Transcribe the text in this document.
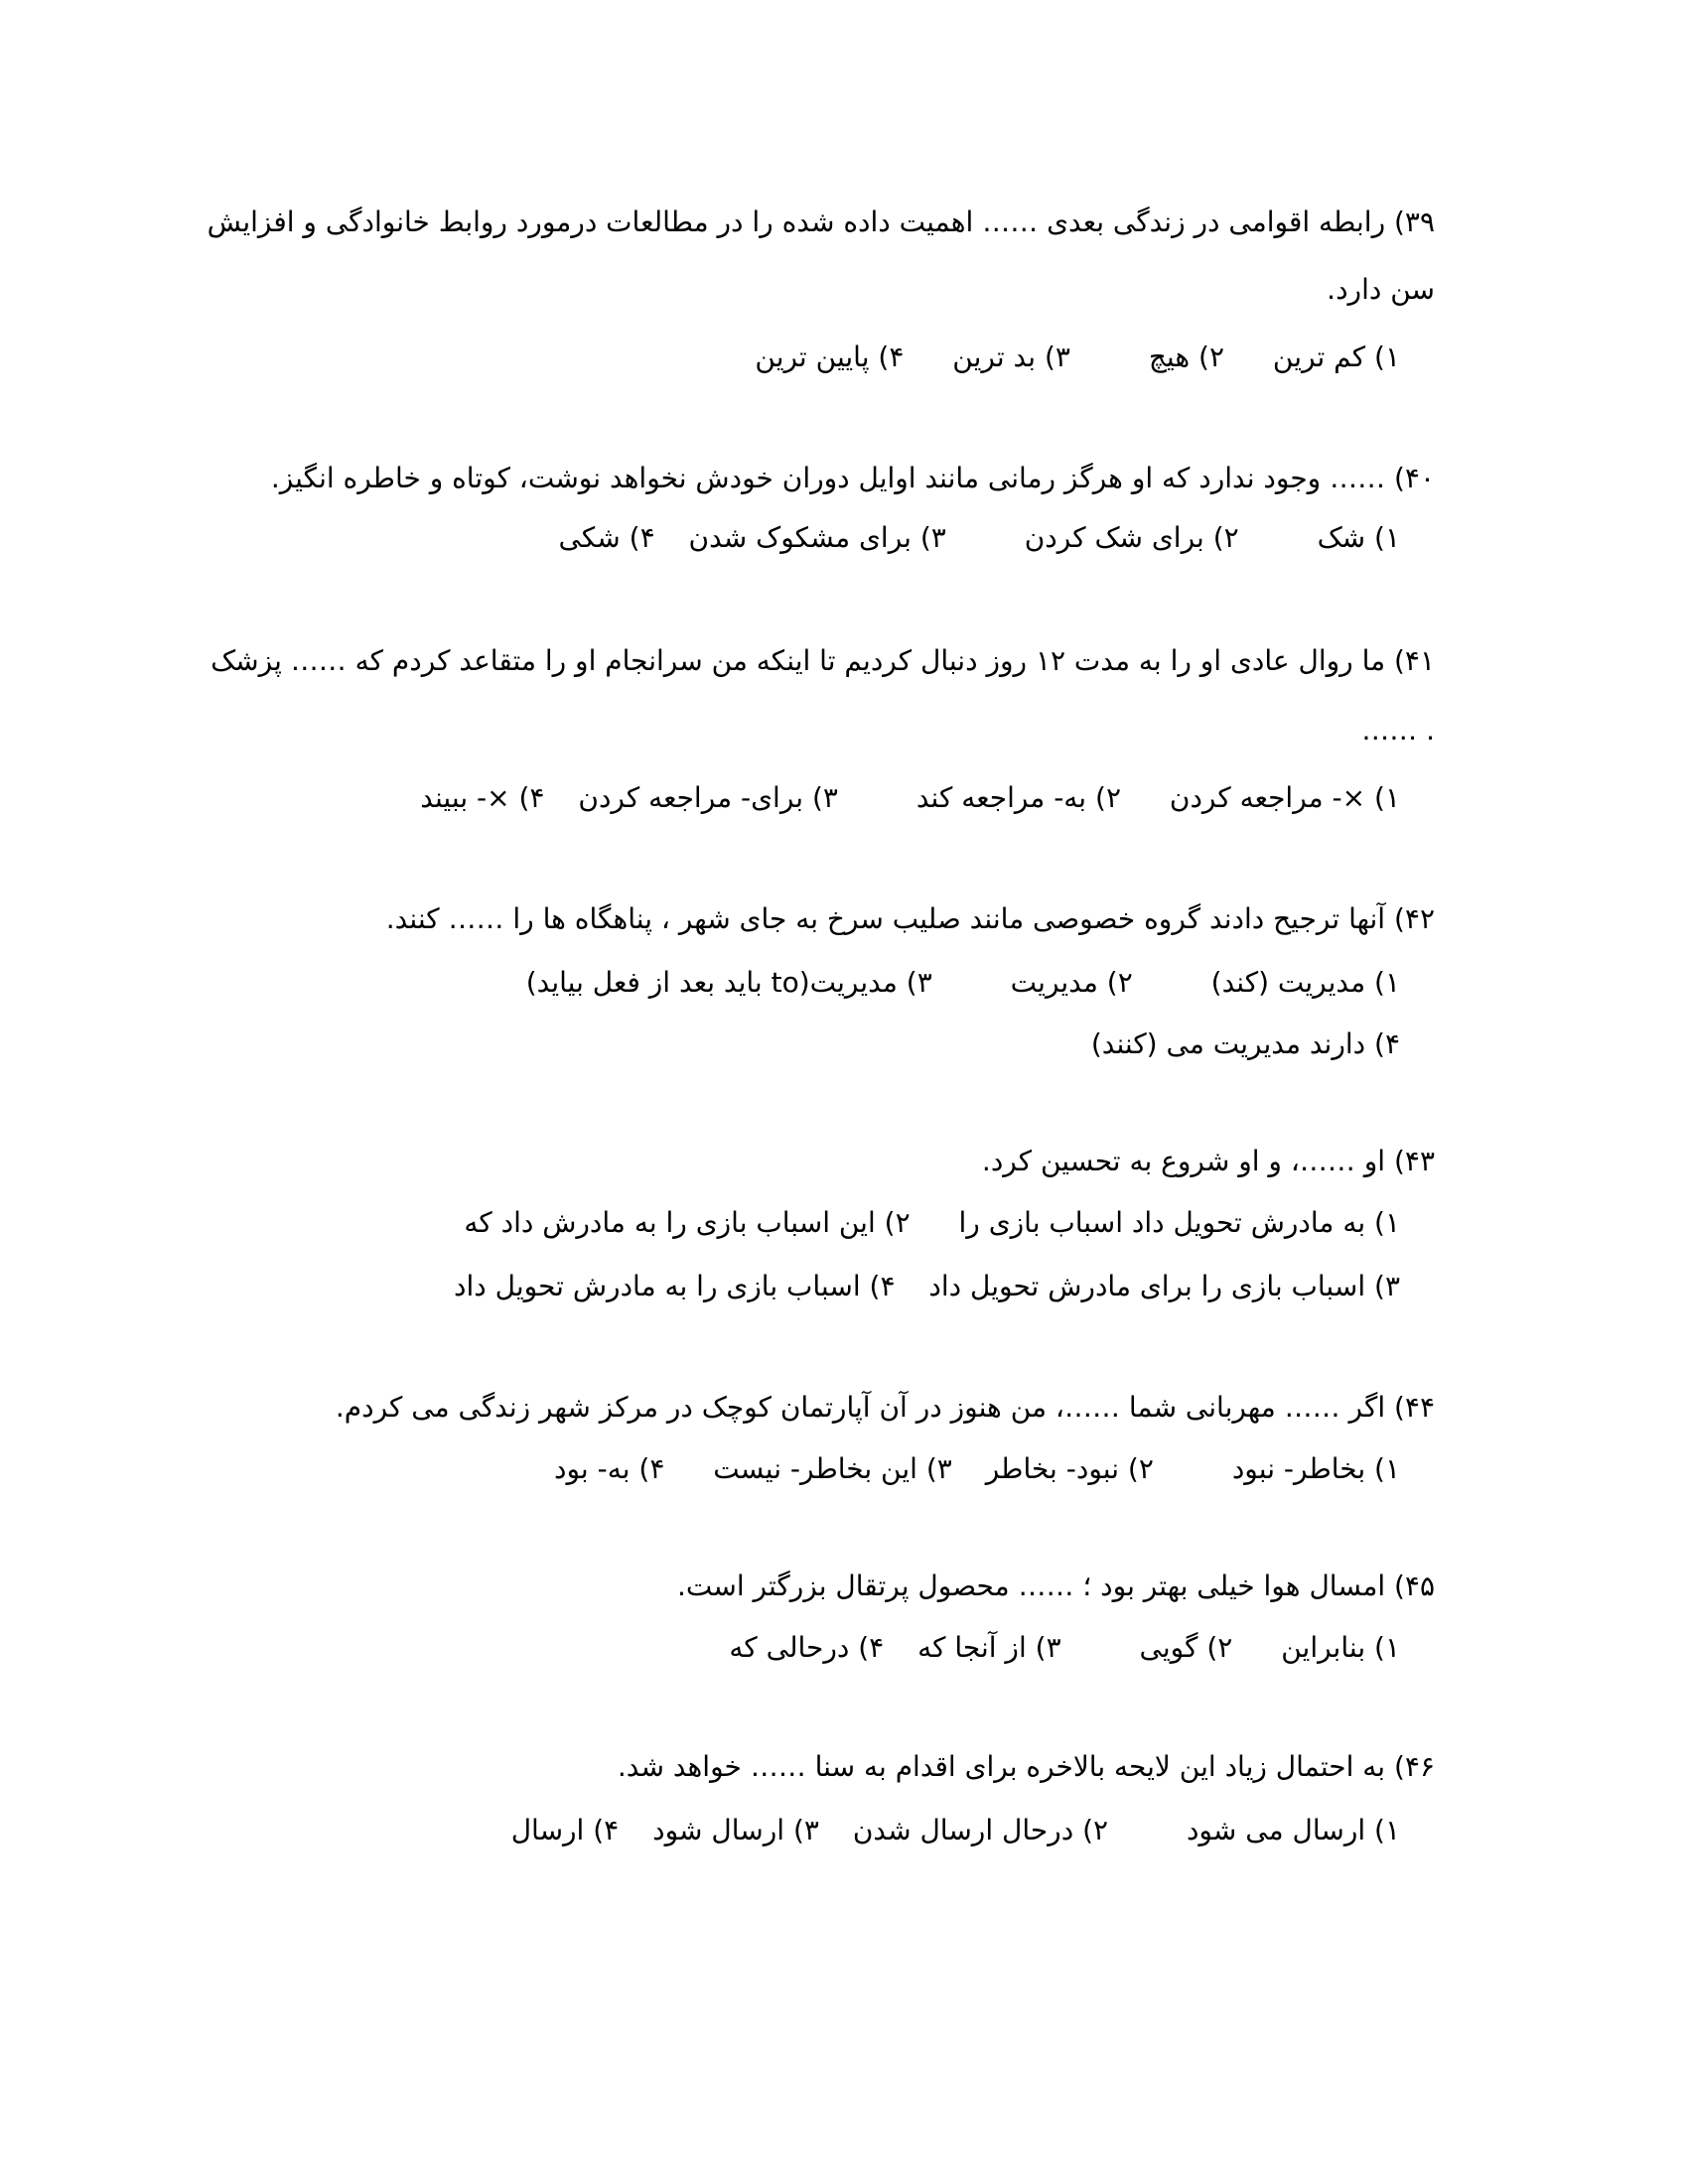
۳۹) رابطه اقوامی در زندگی بعدی …… اهمیت داده شده را در مطالعات درمورد روابط خانوادگی و افزایش
سن دارد.
۱) کم ترین ۲) هیچ ۳) بد ترین ۴) پایین ترین
۴۰) …… وجود ندارد که او هرگز رمانی مانند اوایل دوران خودش نخواهد نوشت، کوتاه و خاطره انگیز.
۱) شک ۲) برای شک کردن ۳) برای مشکوک شدن ۴) شکی
۴۱) ما روال عادی او را به مدت ۱۲ روز دنبال کردیم تا اینکه من سرانجام او را متقاعد کردم که …… پزشک
…… .
۱) ×- مراجعه کردن ۲) به- مراجعه کند ۳) برای- مراجعه کردن ۴) ×- ببیند
۴۲) آنها ترجیح دادند گروه خصوصی مانند صلیب سرخ به جای شهر ، پناهگاه ها را …… کنند.
۱) مدیریت (کند) ۲) مدیریت ۳) مدیریت(to باید بعد از فعل بیاید)
۴) دارند مدیریت می (کنند)
۴۳) او ……، و او شروع به تحسین کرد.
۱) به مادرش تحویل داد اسباب بازی را ۲) این اسباب بازی را به مادرش داد که
۳) اسباب بازی را برای مادرش تحویل داد ۴) اسباب بازی را به مادرش تحویل داد
۴۴) اگر …… مهربانی شما ……، من هنوز در آن آپارتمان کوچک در مرکز شهر زندگی می کردم.
۱) بخاطر- نبود ۲) نبود- بخاطر ۳) این بخاطر- نیست ۴) به- بود
۴۵) امسال هوا خیلی بهتر بود ؛ …… محصول پرتقال بزرگتر است.
۱) بنابراین ۲) گویی ۳) از آنجا که ۴) درحالی که
۴۶) به احتمال زیاد این لایحه بالاخره برای اقدام به سنا …… خواهد شد.
۱) ارسال می شود ۲) درحال ارسال شدن ۳) ارسال شود ۴) ارسال
